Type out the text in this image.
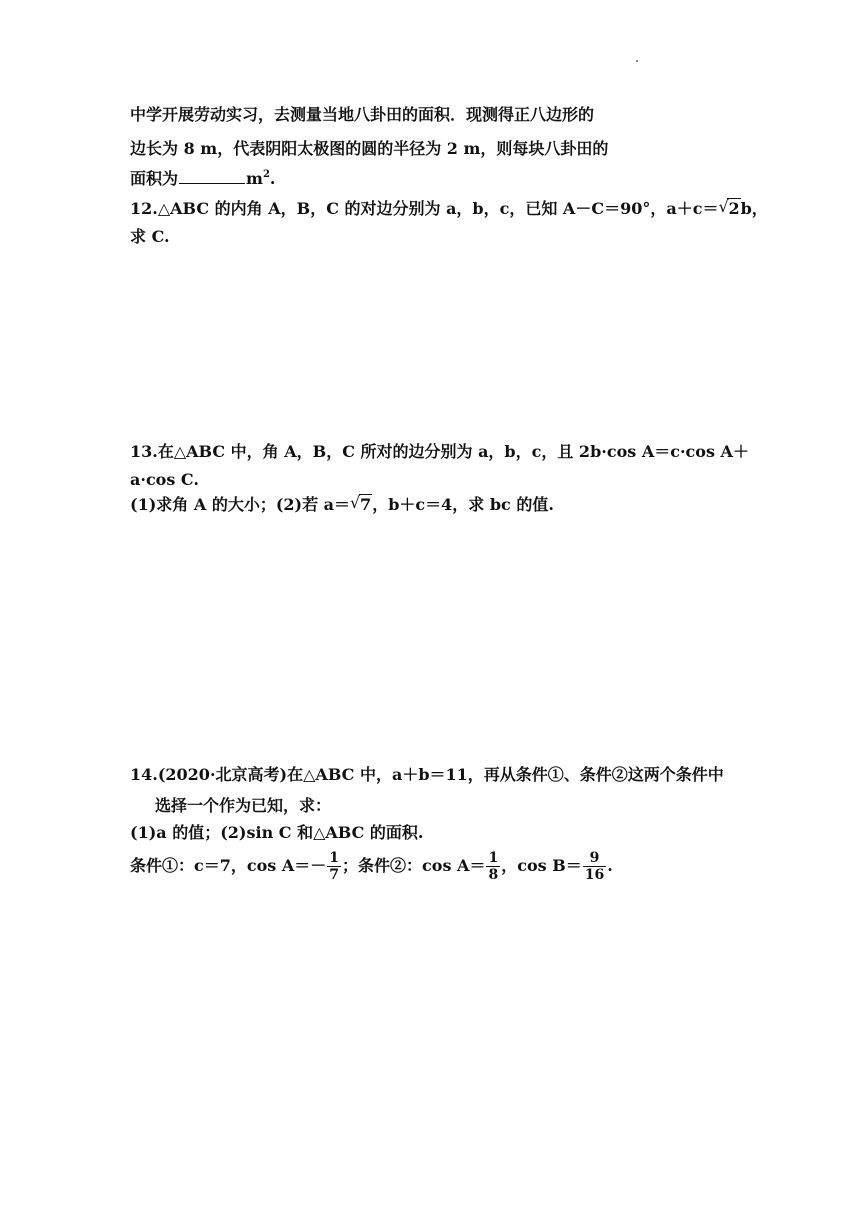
中学开展劳动实习，去测量当地八卦田的面积．现测得正八边形的
边长为 8 m，代表阴阳太极图的圆的半径为 2 m，则每块八卦田的
面积为	$m^2$.
12.△ABC 的内角 A，B，C 的对边分别为 a，b，c，已知 A－C＝90°，a＋c＝ √ 2b，
求 C.
13.在△ABC 中，角 A，B，C 所对的边分别为 a，b，c，且 2b·cos A＝c·cos A＋
a·cos C.
(1)求角 A 的大小；(2)若 a＝ √ 7，b＋c＝4，求 bc 的值.
14.(2020·北京高考)在△ABC 中，a＋b＝11，再从条件①、条件②这两个条件中
选择一个作为已知，求：
(1)a 的值；(2)sin C 和△ABC 的面积.
条件①：c＝7，$\cos A=- \frac{1}{7}$ ；条件②：$\cos A= \frac{1}{8}$ ，$\cos B= \frac{9}{16}$ .
